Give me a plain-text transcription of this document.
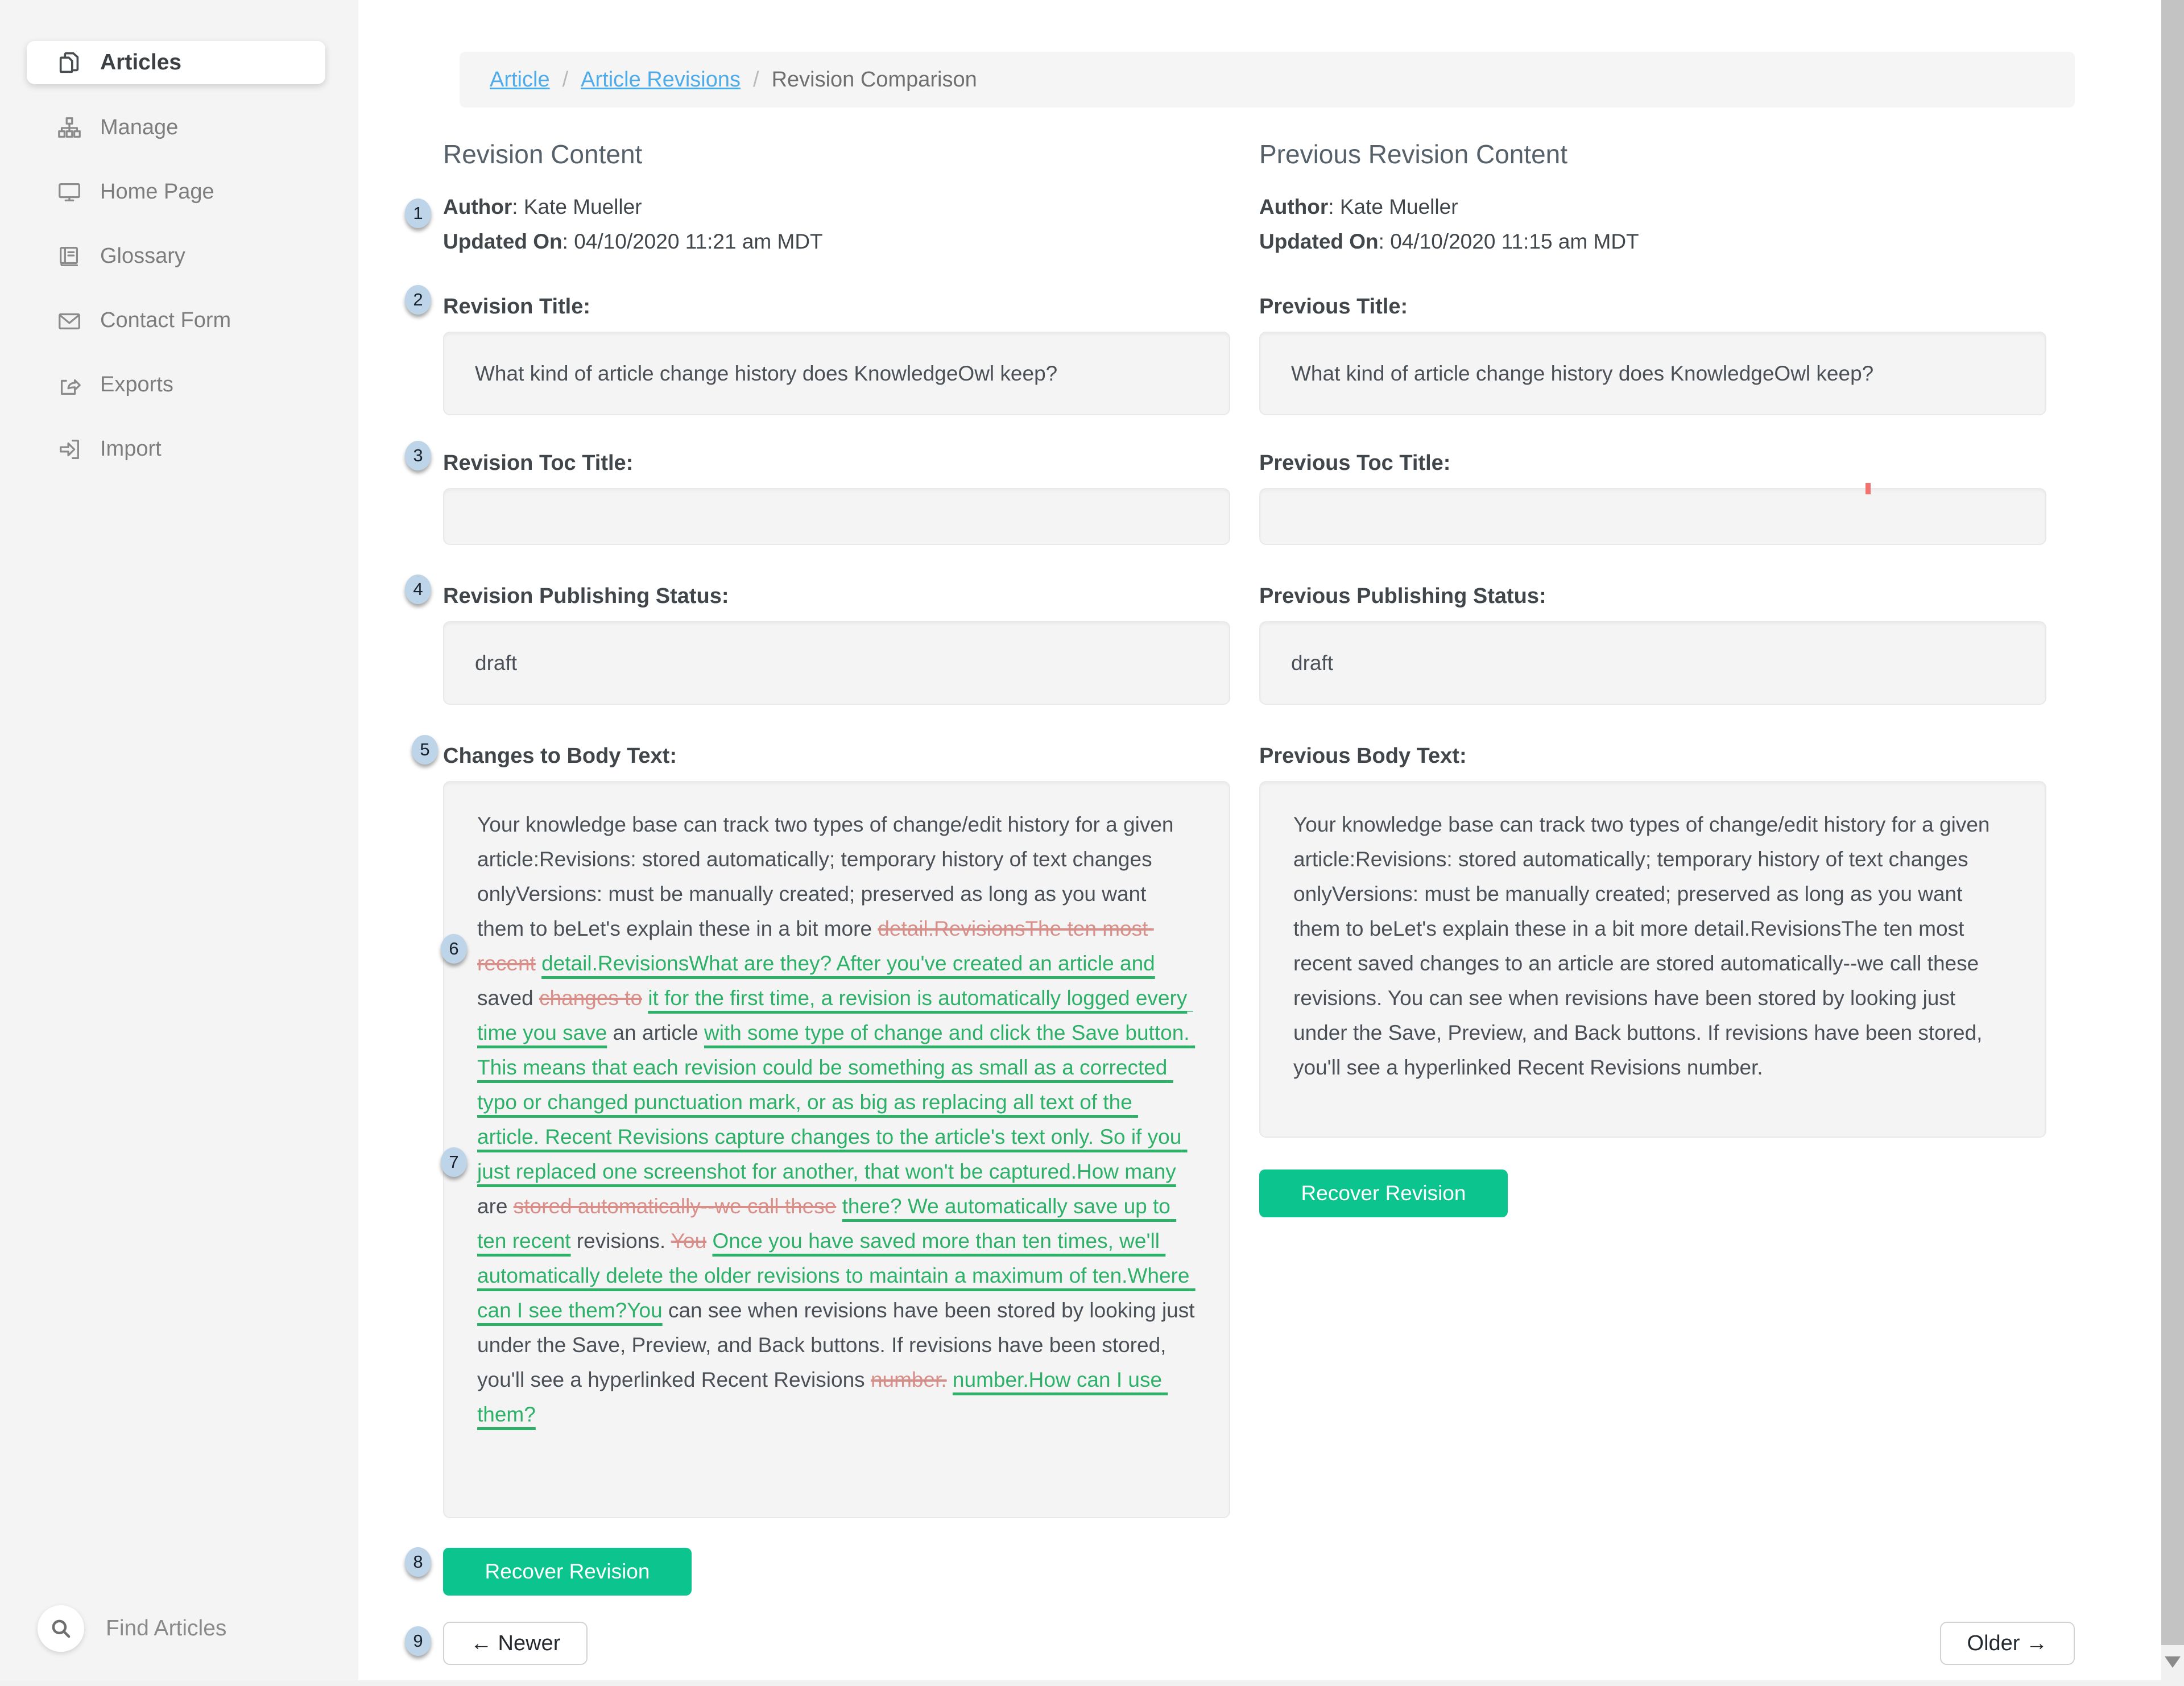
Articles
Manage
Home Page
Glossary
Contact Form
Exports
Import
Find Articles
Article / Article Revisions / Revision Comparison
Revision Content

Author: Kate Mueller
Updated On: 04/10/2020 11:21 am MDT

Revision Title:
What kind of article change history does KnowledgeOwl keep?
Revision Toc Title:
Revision Publishing Status:
draft
Changes to Body Text:
Your knowledge base can track two types of change/edit history for a given article:Revisions: stored automatically; temporary history of text changes onlyVersions: must be manually created; preserved as long as you want them to beLet's explain these in a bit more detail.RevisionsThe ten most recent detail.RevisionsWhat are they? After you've created an article and saved changes to it for the first time, a revision is automatically logged every time you save an article with some type of change and click the Save button. This means that each revision could be something as small as a corrected typo or changed punctuation mark, or as big as replacing all text of the article. Recent Revisions capture changes to the article's text only. So if you just replaced one screenshot for another, that won't be captured.How many are stored automatically--we call these there? We automatically save up to ten recent revisions. You Once you have saved more than ten times, we'll automatically delete the older revisions to maintain a maximum of ten.Where can I see them?You can see when revisions have been stored by looking just under the Save, Preview, and Back buttons. If revisions have been stored, you'll see a hyperlinked Recent Revisions number. number.How can I use them?
Recover Revision
← Newer	Older →
Previous Revision Content

Author: Kate Mueller
Updated On: 04/10/2020 11:15 am MDT

Previous Title:
What kind of article change history does KnowledgeOwl keep?
Previous Toc Title:
Previous Publishing Status:
draft
Previous Body Text:
Your knowledge base can track two types of change/edit history for a given article:Revisions: stored automatically; temporary history of text changes onlyVersions: must be manually created; preserved as long as you want them to beLet's explain these in a bit more detail.RevisionsThe ten most recent saved changes to an article are stored automatically--we call these revisions. You can see when revisions have been stored by looking just under the Save, Preview, and Back buttons. If revisions have been stored, you'll see a hyperlinked Recent Revisions number.
Recover Revision
1
2
3
4
5
6
7
8
9
